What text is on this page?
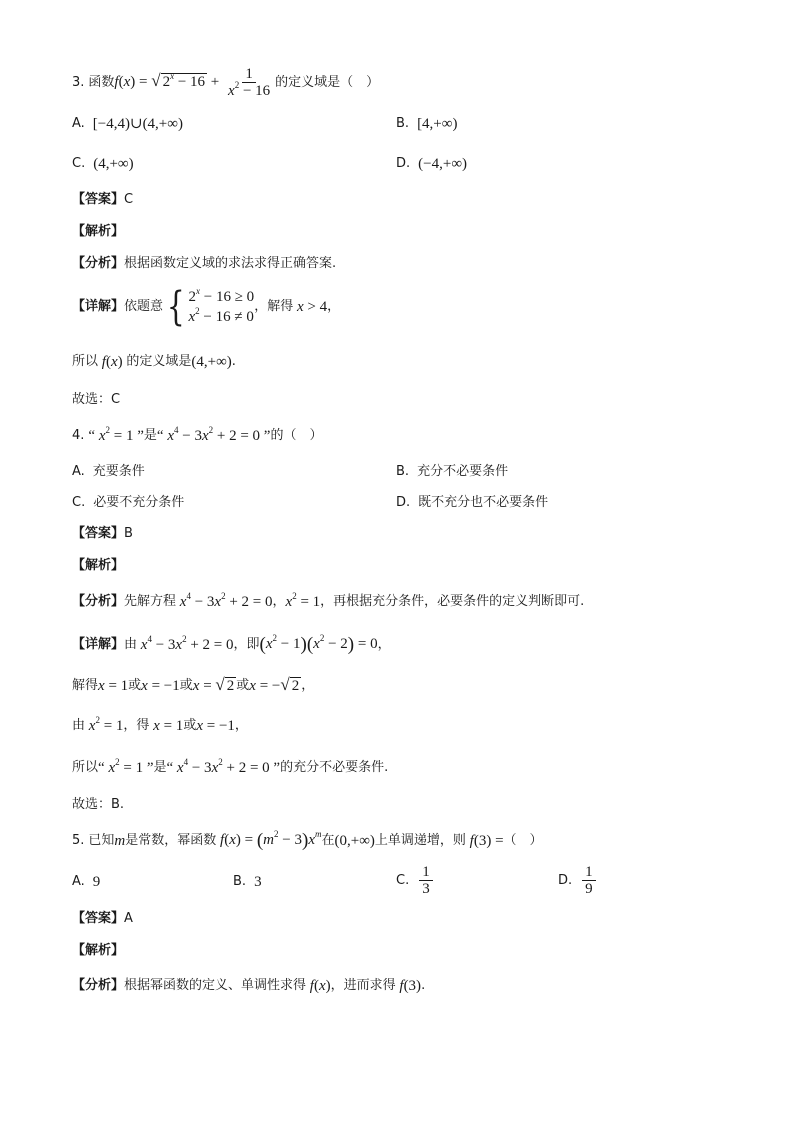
3. 函数 f(x) = √ $2^x - 16 + \frac{1}{x^2 - 16}$ 的定义域是（　）
A. [−4,4)∪(4,+∞)	B. [4,+∞)
C. (4,+∞)	D. (−4,+∞)
【答案】 C
【解析】
【分析】 根据函数定义域的求法求得正确答案.
【详解】 依题意 { $2^x - 16 \ge 0$
$x^2 - 16 \ne 0$
，解得 x > 4 ，
所以 f(x) 的定义域是 (4,+∞) .
故选：C
4. “ $x^2 = 1$ ” 是 “ $x^4 - 3x^2 + 2 = 0$ ” 的（　）
A. 充要条件	B. 充分不必要条件
C. 必要不充分条件	D. 既不充分也不必要条件
【答案】 B
【解析】
【分析】 先解方程 $x^4 - 3x^2 + 2 = 0$ ， $x^2 = 1$ ，再根据充分条件，必要条件的定义判断即可.
【详解】 由 $x^4 - 3x^2 + 2 = 0$ ，即 $(x^2 - 1)(x^2 - 2) = 0$ ，
解得 x = 1 或 x = −1 或 x = √ 2 或 x = − √ 2 ，
由 $x^2 = 1$ ，得 x = 1 或 x = −1 ，
所以 “ $x^2 = 1$ ” 是 “ $x^4 - 3x^2 + 2 = 0$ ” 的充分不必要条件.
故选：B.
5. 已知 m 是常数，幂函数 $f(x) = (m^2 - 3)x^m$ 在 (0,+∞) 上单调递增，则 f(3) = （　）
A. 9	B. 3	C. $\frac{1}{3}$	D. $\frac{1}{9}$
【答案】 A
【解析】
【分析】 根据幂函数的定义、单调性求得 f(x) ，进而求得 f(3) .
